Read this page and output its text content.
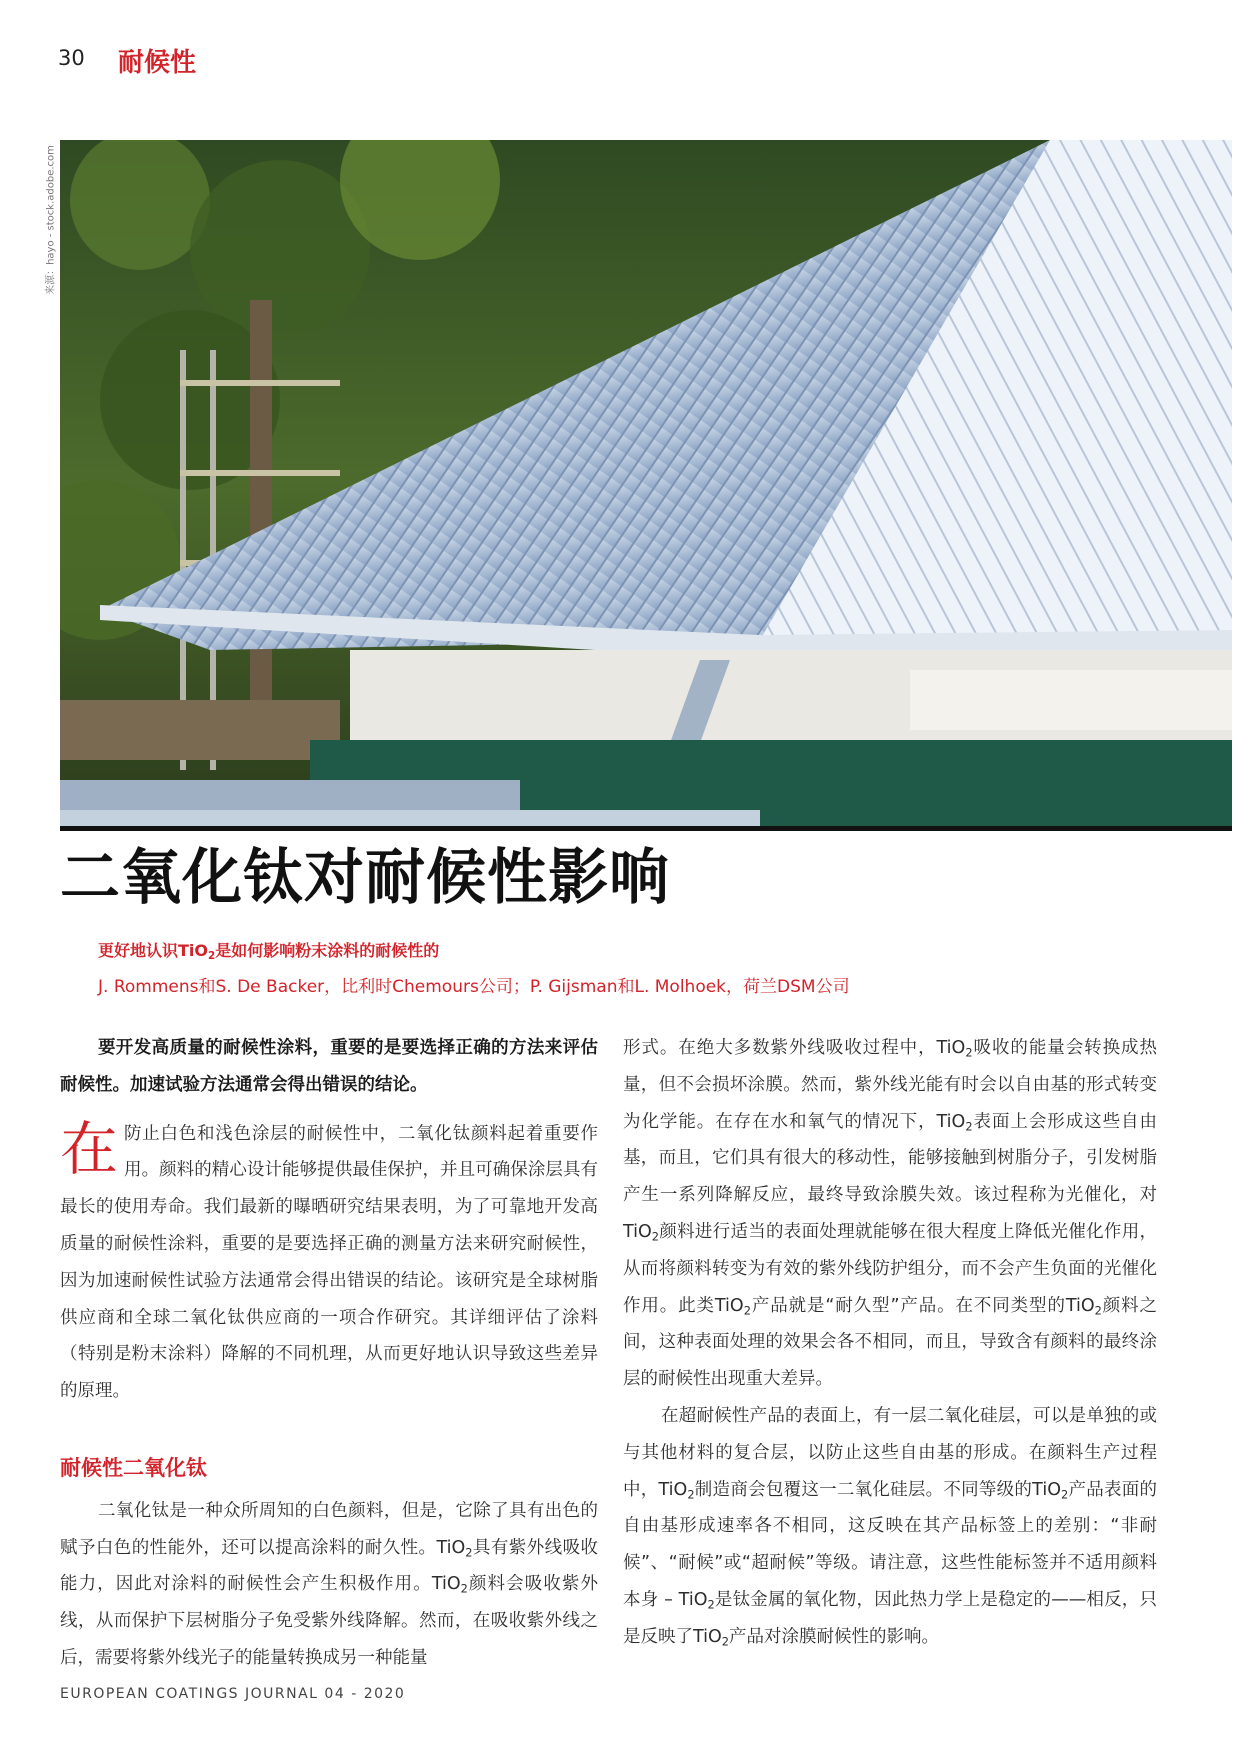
30 耐候性
来源：hayo - stock.adobe.com
二氧化钛对耐候性影响
更好地认识TiO$_2$是如何影响粉末涂料的耐候性的
J. Rommens和S. De Backer，比利时Chemours公司；P. Gijsman和L. Molhoek，荷兰DSM公司

要开发高质量的耐候性涂料，重要的是要选择正确的方法来评估耐候性。加速试验方法通常会得出错误的结论。

在防止白色和浅色涂层的耐候性中，二氧化钛颜料起着重要作用。颜料的精心设计能够提供最佳保护，并且可确保涂层具有最长的使用寿命。我们最新的曝晒研究结果表明，为了可靠地开发高质量的耐候性涂料，重要的是要选择正确的测量方法来研究耐候性，因为加速耐候性试验方法通常会得出错误的结论。该研究是全球树脂供应商和全球二氧化钛供应商的一项合作研究。其详细评估了涂料（特别是粉末涂料）降解的不同机理，从而更好地认识导致这些差异的原理。

耐候性二氧化钛

二氧化钛是一种众所周知的白色颜料，但是，它除了具有出色的赋予白色的性能外，还可以提高涂料的耐久性。TiO$_2$具有紫外线吸收能力，因此对涂料的耐候性会产生积极作用。TiO$_2$颜料会吸收紫外线，从而保护下层树脂分子免受紫外线降解。然而，在吸收紫外线之后，需要将紫外线光子的能量转换成另一种能量

形式。在绝大多数紫外线吸收过程中，TiO$_2$吸收的能量会转换成热量，但不会损坏涂膜。然而，紫外线光能有时会以自由基的形式转变为化学能。在存在水和氧气的情况下，TiO$_2$表面上会形成这些自由基，而且，它们具有很大的移动性，能够接触到树脂分子，引发树脂产生一系列降解反应，最终导致涂膜失效。该过程称为光催化，对TiO$_2$颜料进行适当的表面处理就能够在很大程度上降低光催化作用，从而将颜料转变为有效的紫外线防护组分，而不会产生负面的光催化作用。此类TiO$_2$产品就是“耐久型”产品。在不同类型的TiO$_2$颜料之间，这种表面处理的效果会各不相同，而且，导致含有颜料的最终涂层的耐候性出现重大差异。

在超耐候性产品的表面上，有一层二氧化硅层，可以是单独的或与其他材料的复合层，以防止这些自由基的形成。在颜料生产过程中，TiO$_2$制造商会包覆这一二氧化硅层。不同等级的TiO$_2$产品表面的自由基形成速率各不相同，这反映在其产品标签上的差别：“非耐候”、“耐候”或“超耐候”等级。请注意，这些性能标签并不适用颜料本身 – TiO$_2$是钛金属的氧化物，因此热力学上是稳定的——相反，只是反映了TiO$_2$产品对涂膜耐候性的影响。

EUROPEAN COATINGS JOURNAL 04 - 2020
